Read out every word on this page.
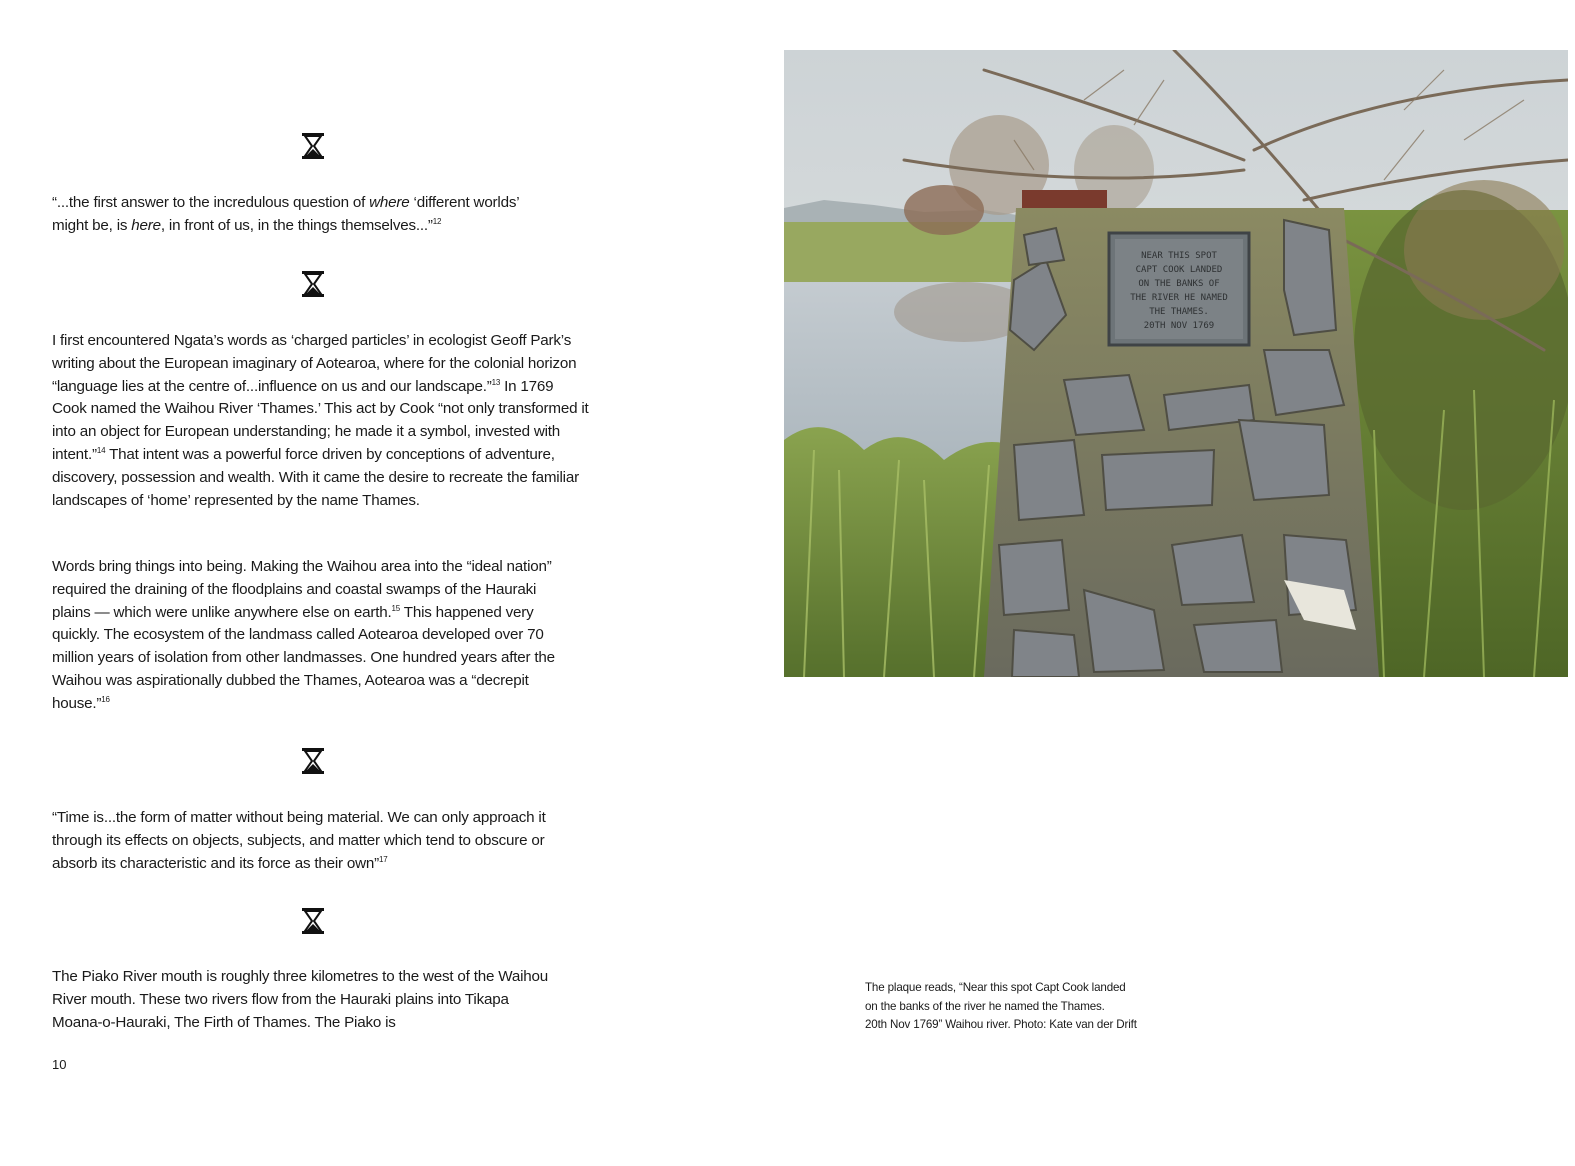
“...the first answer to the incredulous question of where ‘different worlds’ might be, is here, in front of us, in the things themselves...”$^{12}$

I first encountered Ngata’s words as ‘charged particles’ in ecologist Geoff Park’s writing about the European imaginary of Aotearoa, where for the colonial horizon “language lies at the centre of...influence on us and our landscape.”$^{13}$ In 1769 Cook named the Waihou River ‘Thames.’ This act by Cook “not only transformed it into an object for European understanding; he made it a symbol, invested with intent.”$^{14}$ That intent was a powerful force driven by conceptions of adventure, discovery, possession and wealth. With it came the desire to recreate the familiar landscapes of ‘home’ represented by the name Thames.

Words bring things into being. Making the Waihou area into the “ideal nation” required the draining of the floodplains and coastal swamps of the Hauraki plains — which were unlike anywhere else on earth.$^{15}$ This happened very quickly. The ecosystem of the landmass called Aotearoa developed over 70 million years of isolation from other landmasses. One hundred years after the Waihou was aspirationally dubbed the Thames, Aotearoa was a “decrepit house.”$^{16}$

“Time is...the form of matter without being material. We can only approach it through its effects on objects, subjects, and matter which tend to obscure or absorb its characteristic and its force as their own”$^{17}$

The Piako River mouth is roughly three kilometres to the west of the Waihou River mouth. These two rivers flow from the Hauraki plains into Tikapa Moana-o-Hauraki, The Firth of Thames. The Piako is

10
NEAR THIS SPOT
CAPT COOK LANDED
ON THE BANKS OF
THE RIVER HE NAMED
THE THAMES.
20TH NOV 1769
The plaque reads, “Near this spot Capt Cook landed
on the banks of the river he named the Thames.
20th Nov 1769” Waihou river. Photo: Kate van der Drift
